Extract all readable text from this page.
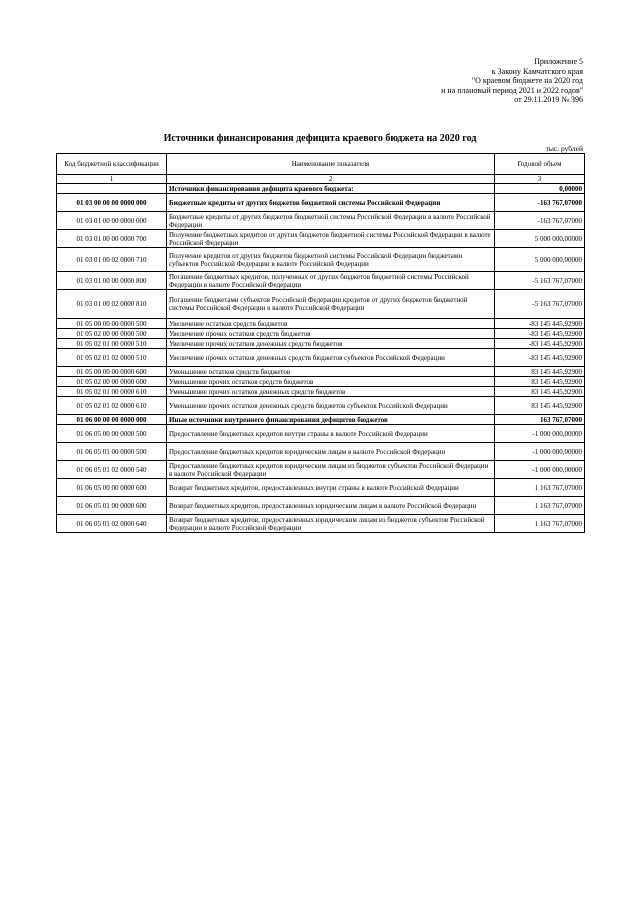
Приложение 5
к Закону Камчатского края
"О краевом бюджете на 2020 год
и на плановый период 2021 и 2022 годов"
от 29.11.2019 № 396
Источники финансирования дефицита краевого бюджета на 2020 год
тыс. рублей
Код бюджетной классификации	Наименование показателя	Годовой объем
1	2	3
	Источники финансирования дефицита краевого бюджета:	0,00000
01 03 00 00 00 0000 000	Бюджетные кредиты от других бюджетов бюджетной системы Российской Федерации	-163 767,07000
01 03 01 00 00 0000 000	Бюджетные кредиты от других бюджетов бюджетной системы Российской Федерации в валюте Российской Федерации	-163 767,07000
01 03 01 00 00 0000 700	Получение бюджетных кредитов от других бюджетов бюджетной системы Российской Федерации в валюте Российской Федерации	5 000 000,00000
01 03 01 00 02 0000 710	Получение кредитов от других бюджетов бюджетной системы Российской Федерации бюджетами субъектов Российской Федерации в валюте Российской Федерации	5 000 000,00000
01 03 01 00 00 0000 800	Погашение бюджетных кредитов, полученных от других бюджетов бюджетной системы Российской Федерации в валюте Российской Федерации	-5 163 767,07000
01 03 01 00 02 0000 810	Погашение бюджетами субъектов Российской Федерации кредитов от других бюджетов бюджетной системы Российской Федерации в валюте Российской Федерации	-5 163 767,07000
01 05 00 00 00 0000 500	Увеличение остатков средств бюджетов	-83 145 445,92900
01 05 02 00 00 0000 500	Увеличение прочих остатков средств бюджетов	-83 145 445,92900
01 05 02 01 00 0000 510	Увеличение прочих остатков денежных средств бюджетов	-83 145 445,92900
01 05 02 01 02 0000 510	Увеличение прочих остатков денежных средств бюджетов субъектов Российской Федерации	-83 145 445,92900
01 05 00 00 00 0000 600	Уменьшение остатков средств бюджетов	83 145 445,92900
01 05 02 00 00 0000 600	Уменьшение прочих остатков средств бюджетов	83 145 445,92900
01 05 02 01 00 0000 610	Уменьшение прочих остатков денежных средств бюджетов	83 145 445,92900
01 05 02 01 02 0000 610	Уменьшение прочих остатков денежных средств бюджетов субъектов Российской Федерации	83 145 445,92900
01 06 00 00 00 0000 000	Иные источники внутреннего финансирования дефицитов бюджетов	163 767,07000
01 06 05 00 00 0000 500	Предоставление бюджетных кредитов внутри страны в валюте Российской Федерации	-1 000 000,00000
01 06 05 01 00 0000 500	Предоставление бюджетных кредитов юридическим лицам в валюте Российской Федерации	-1 000 000,00000
01 06 05 01 02 0000 540	Предоставление бюджетных кредитов юридическим лицам из бюджетов субъектов Российской Федерации в валюте Российской Федерации	-1 000 000,00000
01 06 05 00 00 0000 600	Возврат бюджетных кредитов, предоставленных внутри страны в валюте Российской Федерации	1 163 767,07000
01 06 05 01 00 0000 600	Возврат бюджетных кредитов, предоставленных юридическим лицам в валюте Российской Федерации	1 163 767,07000
01 06 05 01 02 0000 640	Возврат бюджетных кредитов, предоставленных юридическим лицам из бюджетов субъектов Российской Федерации в валюте Российской Федерации	1 163 767,07000
